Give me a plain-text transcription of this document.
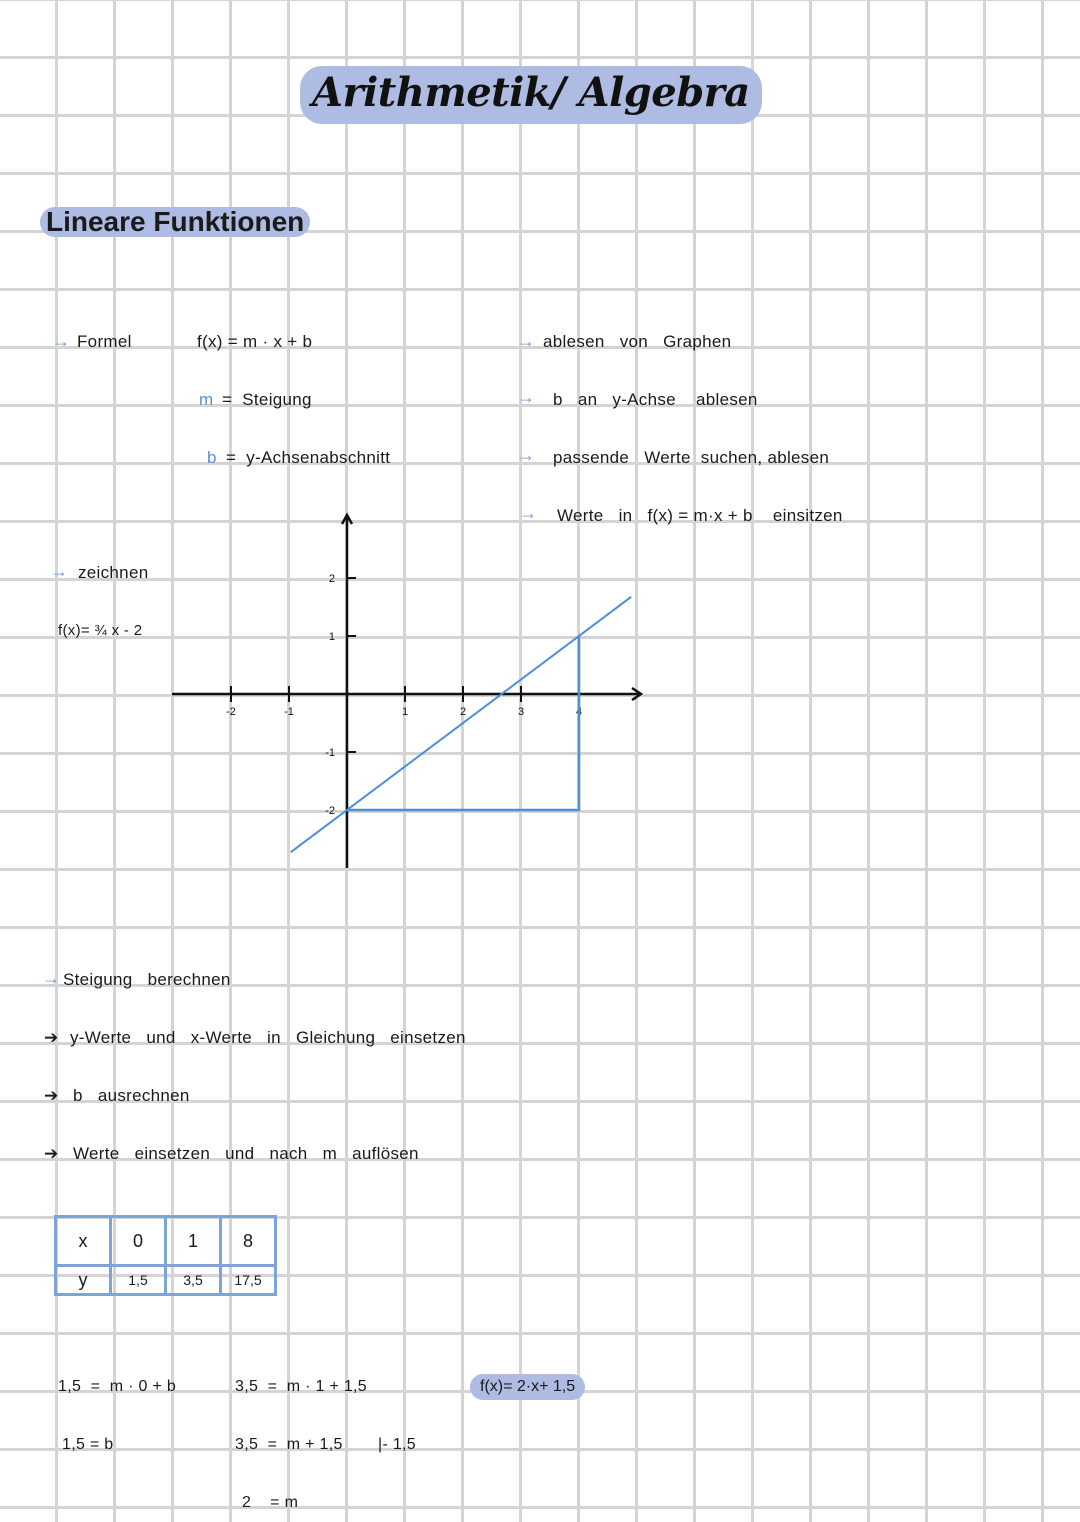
Arithmetik/ Algebra
Lineare Funktionen
→ Formel	f(x) = m · x + b
m =  Steigung
b =  y-Achsenabschnitt
→ ablesen   von   Graphen
→ b   an   y-Achse    ablesen
→ passende   Werte  suchen, ablesen
→ Werte   in   f(x) = m·x + b    einsitzen
→ zeichnen
f(x)= ¾ x - 2
-2	-1	1	2	3	4
2
1
-1
-2
→ Steigung   berechnen
➔ y-Werte   und   x-Werte   in   Gleichung   einsetzen
➔ b   ausrechnen
➔ Werte   einsetzen   und   nach   m   auflösen
x	0	1	8
y	1,5	3,5	17,5
1,5  =  m · 0 + b
1,5 = b
3,5  =  m · 1 + 1,5
3,5  =  m + 1,5
2    = m
|- 1,5
f(x)= 2·x+ 1,5
